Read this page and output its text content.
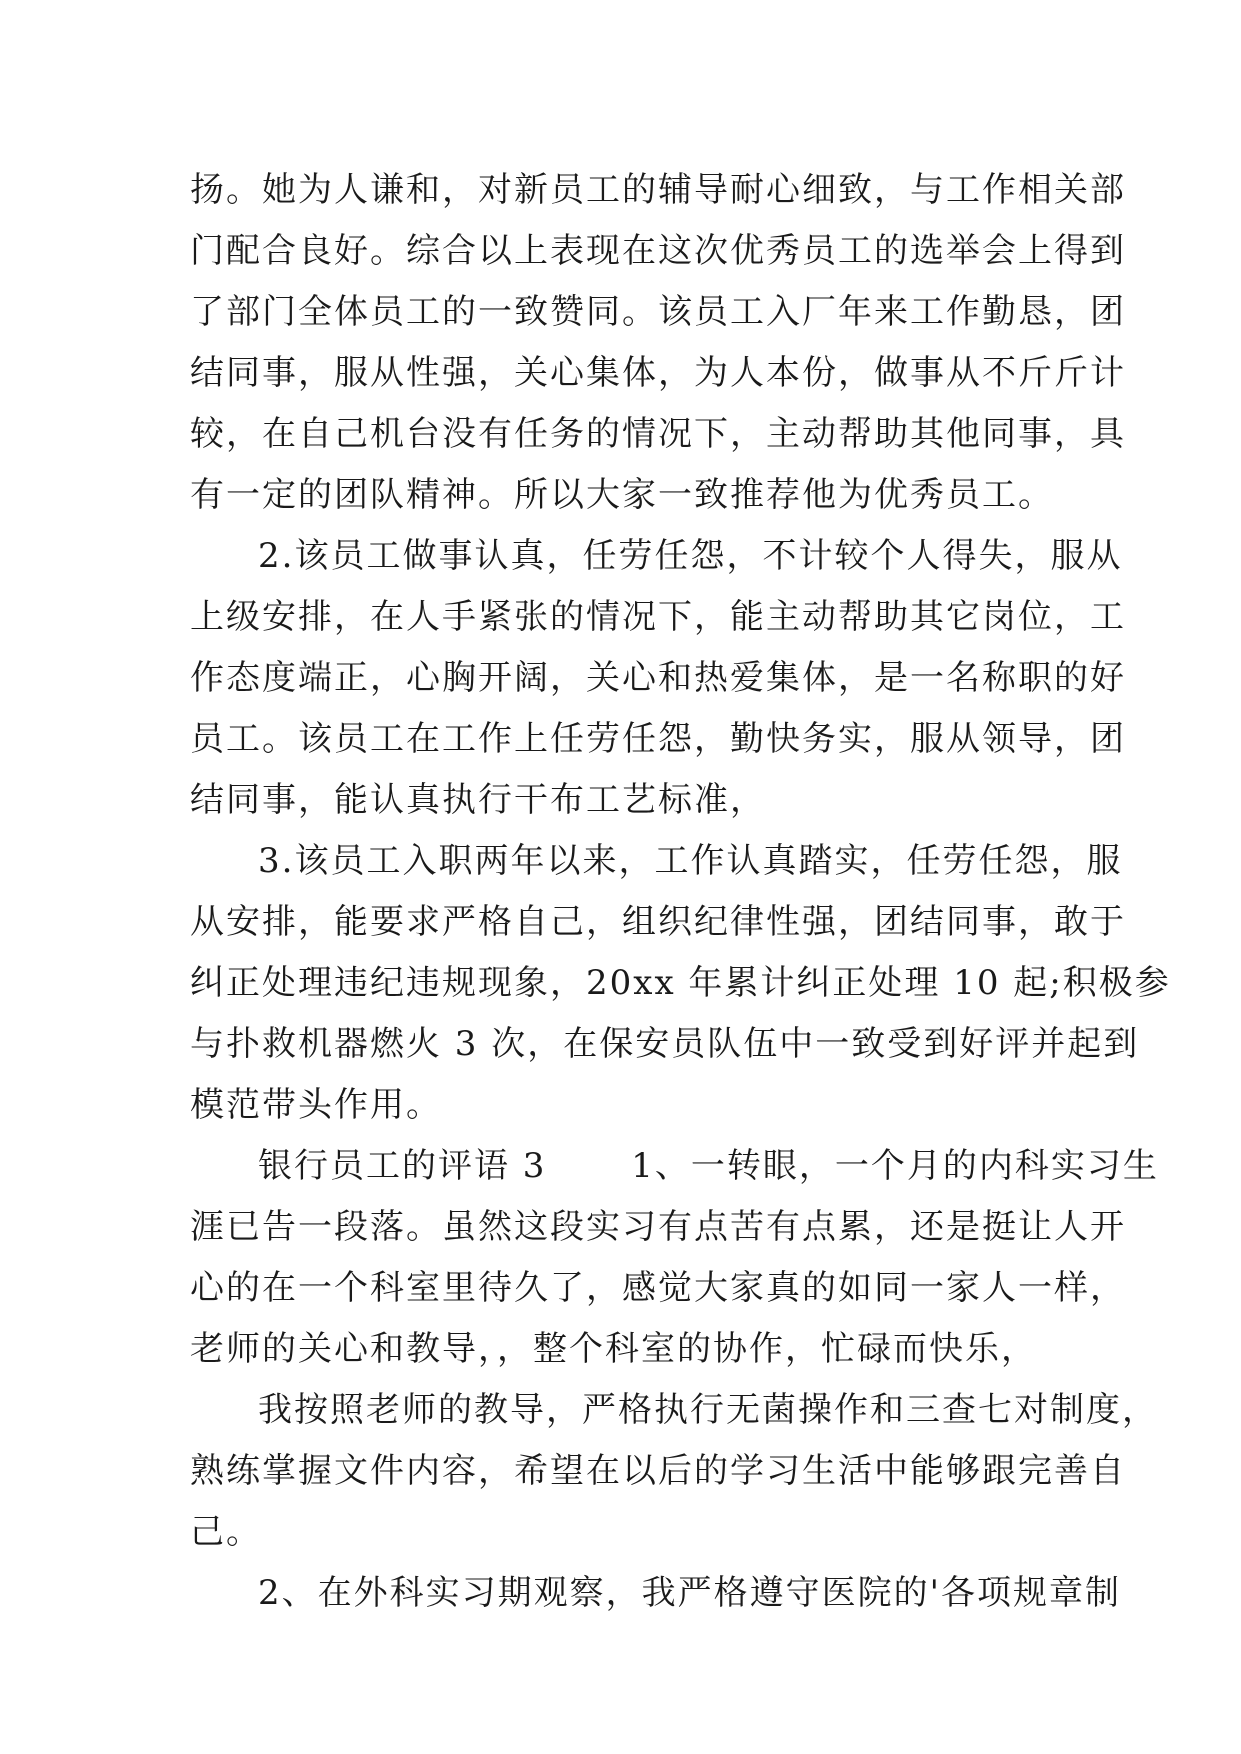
扬。她为人谦和，对新员工的辅导耐心细致，与工作相关部
门配合良好。综合以上表现在这次优秀员工的选举会上得到
了部门全体员工的一致赞同。该员工入厂年来工作勤恳，团
结同事，服从性强，关心集体，为人本份，做事从不斤斤计
较，在自己机台没有任务的情况下，主动帮助其他同事，具
有一定的团队精神。所以大家一致推荐他为优秀员工。
2.该员工做事认真，任劳任怨，不计较个人得失，服从
上级安排，在人手紧张的情况下，能主动帮助其它岗位，工
作态度端正，心胸开阔，关心和热爱集体，是一名称职的好
员工。该员工在工作上任劳任怨，勤快务实，服从领导，团
结同事，能认真执行干布工艺标准，
3.该员工入职两年以来，工作认真踏实，任劳任怨，服
从安排，能要求严格自己，组织纪律性强，团结同事，敢于
纠正处理违纪违规现象，20xx 年累计纠正处理 10 起;积极参
与扑救机器燃火 3 次，在保安员队伍中一致受到好评并起到
模范带头作用。
银行员工的评语 3　　 1、一转眼，一个月的内科实习生
涯已告一段落。虽然这段实习有点苦有点累，还是挺让人开
心的在一个科室里待久了，感觉大家真的如同一家人一样，
老师的关心和教导，，整个科室的协作，忙碌而快乐，
我按照老师的教导，严格执行无菌操作和三查七对制度，
熟练掌握文件内容，希望在以后的学习生活中能够跟完善自
己。
2、在外科实习期观察，我严格遵守医院的'各项规章制
